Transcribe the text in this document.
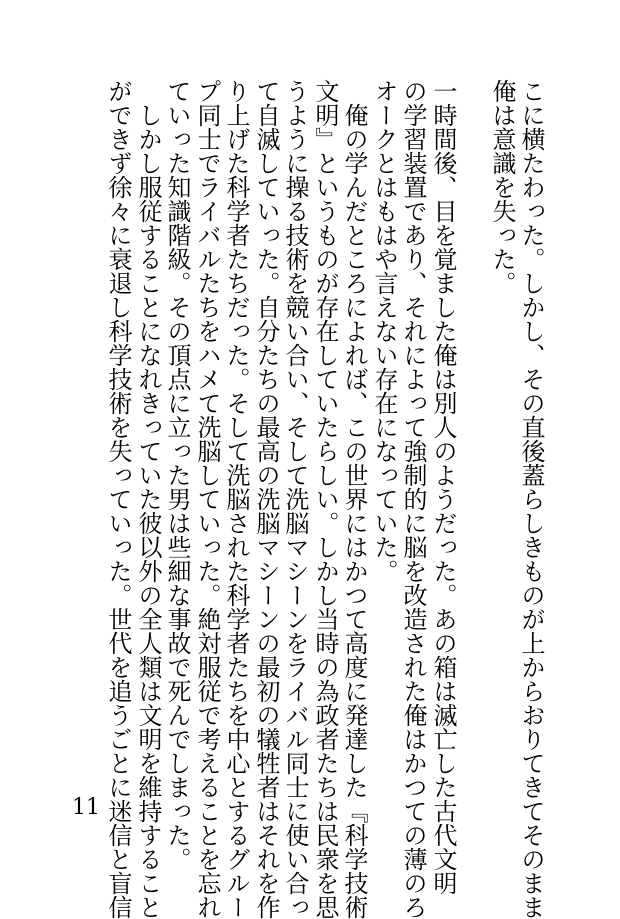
こに横たわった。しかし、その直後蓋らしきものが上からおりてきてそのまま
俺は意識を失った。
一時間後、目を覚ました俺は別人のようだった。あの箱は滅亡した古代文明
の学習装置であり、それによって強制的に脳を改造された俺はかつての薄のろ
オークとはもはや言えない存在になっていた。
　俺の学んだところによれば、この世界にはかつて高度に発達した『科学技術
文明』というものが存在していたらしい。しかし当時の為政者たちは民衆を思
うように操る技術を競い合い、そして洗脳マシーンをライバル同士に使い合っ
て自滅していった。自分たちの最高の洗脳マシーンの最初の犠牲者はそれを作
り上げた科学者たちだった。そして洗脳された科学者たちを中心とするグルー
プ同士でライバルたちをハメて洗脳していった。絶対服従で考えることを忘れ
ていった知識階級。その頂点に立った男は些細な事故で死んでしまった。
　しかし服従することになれきっていた彼以外の全人類は文明を維持すること
ができず徐々に衰退し科学技術を失っていった。世代を追うごとに迷信と盲信
11
